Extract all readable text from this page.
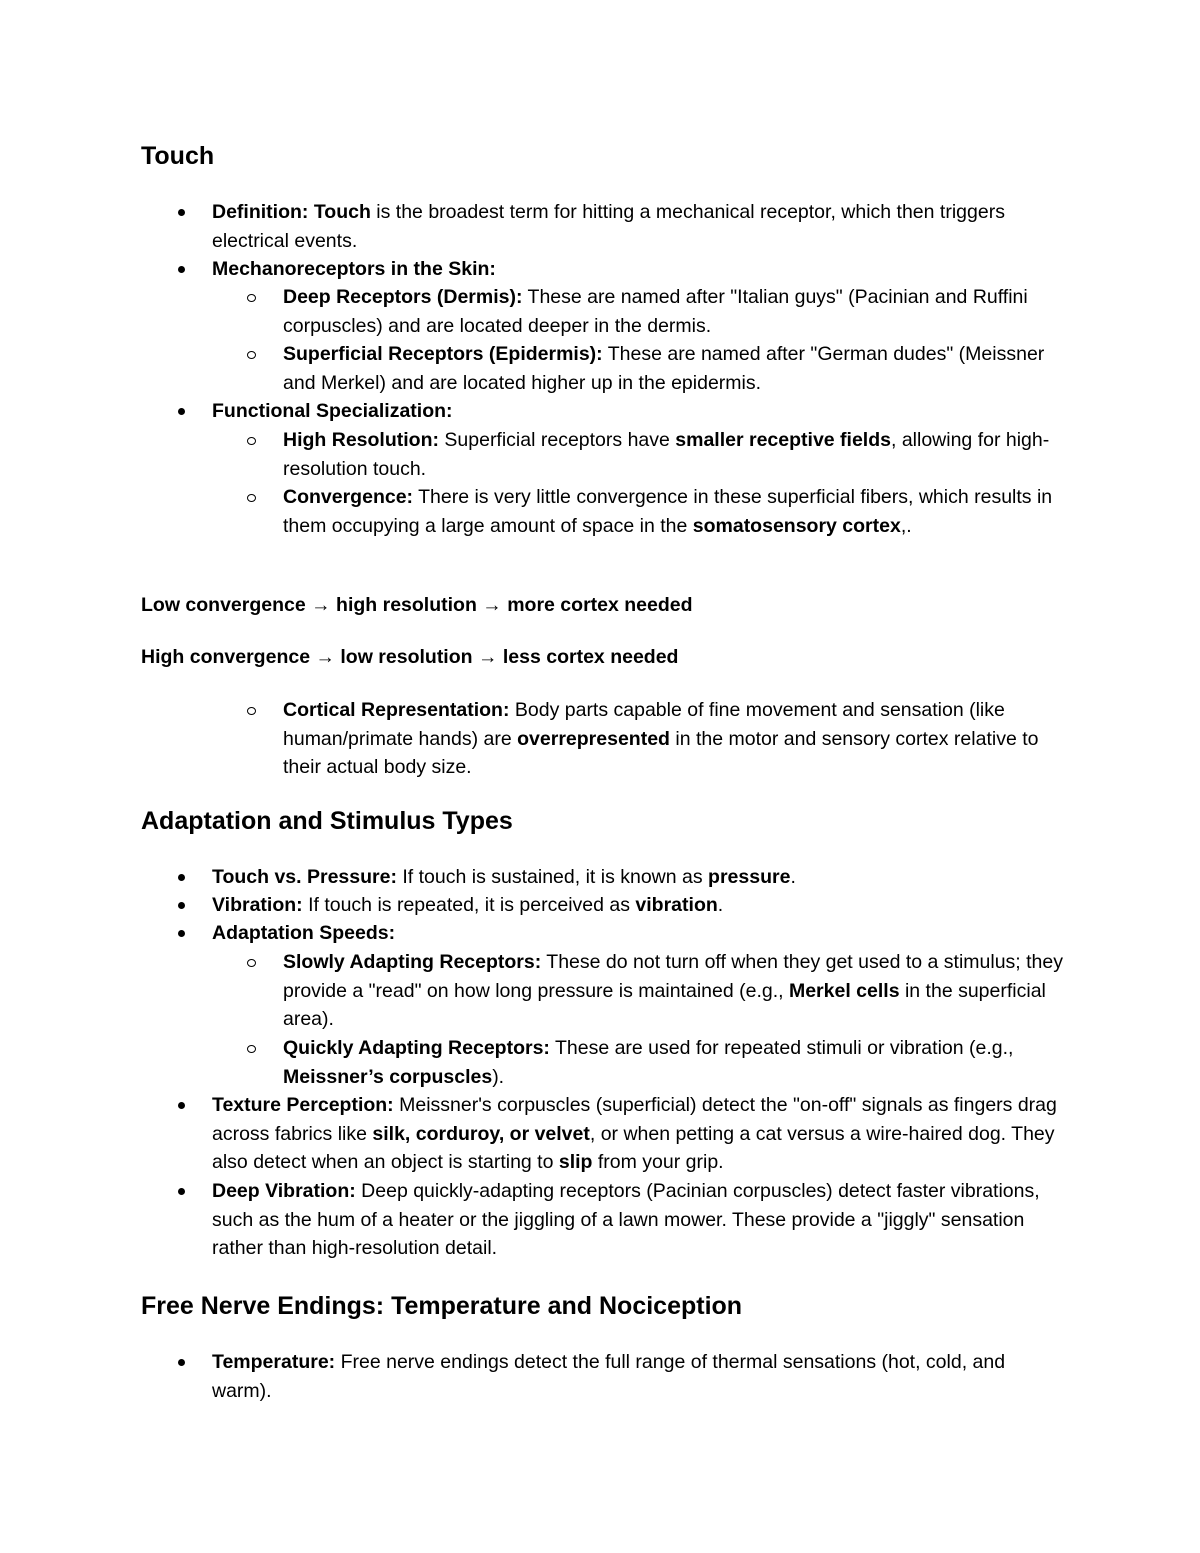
Touch
Definition: Touch is the broadest term for hitting a mechanical receptor, which then triggers electrical events.
Mechanoreceptors in the Skin:
Deep Receptors (Dermis): These are named after "Italian guys" (Pacinian and Ruffini corpuscles) and are located deeper in the dermis.
Superficial Receptors (Epidermis): These are named after "German dudes" (Meissner and Merkel) and are located higher up in the epidermis.
Functional Specialization:
High Resolution: Superficial receptors have smaller receptive fields, allowing for high-resolution touch.
Convergence: There is very little convergence in these superficial fibers, which results in them occupying a large amount of space in the somatosensory cortex,.

Low convergence → high resolution → more cortex needed

High convergence → low resolution → less cortex needed

Cortical Representation: Body parts capable of fine movement and sensation (like human/primate hands) are overrepresented in the motor and sensory cortex relative to their actual body size.
Adaptation and Stimulus Types
Touch vs. Pressure: If touch is sustained, it is known as pressure.
Vibration: If touch is repeated, it is perceived as vibration.
Adaptation Speeds:
Slowly Adapting Receptors: These do not turn off when they get used to a stimulus; they provide a "read" on how long pressure is maintained (e.g., Merkel cells in the superficial area).
Quickly Adapting Receptors: These are used for repeated stimuli or vibration (e.g., Meissner’s corpuscles).
Texture Perception: Meissner's corpuscles (superficial) detect the "on-off" signals as fingers drag across fabrics like silk, corduroy, or velvet, or when petting a cat versus a wire-haired dog. They also detect when an object is starting to slip from your grip.
Deep Vibration: Deep quickly-adapting receptors (Pacinian corpuscles) detect faster vibrations, such as the hum of a heater or the jiggling of a lawn mower. These provide a "jiggly" sensation rather than high-resolution detail.
Free Nerve Endings: Temperature and Nociception
Temperature: Free nerve endings detect the full range of thermal sensations (hot, cold, and warm).
